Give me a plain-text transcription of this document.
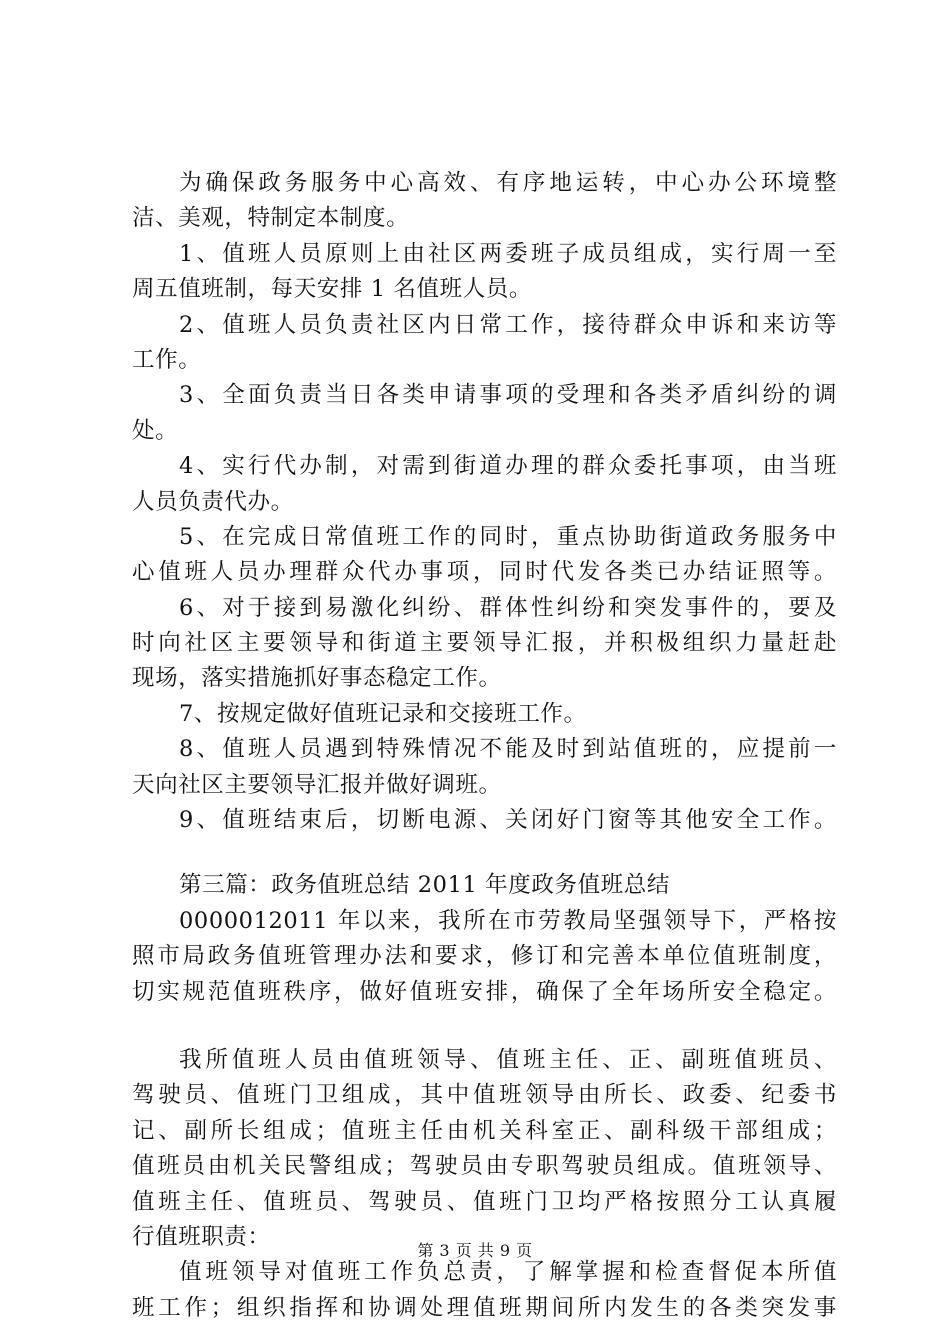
为确保政务服务中心高效、有序地运转，中心办公环境整
洁、美观，特制定本制度。
1、值班人员原则上由社区两委班子成员组成，实行周一至
周五值班制，每天安排 1 名值班人员。
2、值班人员负责社区内日常工作，接待群众申诉和来访等
工作。
3、全面负责当日各类申请事项的受理和各类矛盾纠纷的调
处。
4、实行代办制，对需到街道办理的群众委托事项，由当班
人员负责代办。
5、在完成日常值班工作的同时，重点协助街道政务服务中
心值班人员办理群众代办事项，同时代发各类已办结证照等。
6、对于接到易激化纠纷、群体性纠纷和突发事件的，要及
时向社区主要领导和街道主要领导汇报，并积极组织力量赶赴
现场，落实措施抓好事态稳定工作。
7、按规定做好值班记录和交接班工作。
8、值班人员遇到特殊情况不能及时到站值班的，应提前一
天向社区主要领导汇报并做好调班。
9、值班结束后，切断电源、关闭好门窗等其他安全工作。
第三篇：政务值班总结 2011 年度政务值班总结
0000012011 年以来，我所在市劳教局坚强领导下，严格按
照市局政务值班管理办法和要求，修订和完善本单位值班制度，
切实规范值班秩序，做好值班安排，确保了全年场所安全稳定。
我所值班人员由值班领导、值班主任、正、副班值班员、
驾驶员、值班门卫组成，其中值班领导由所长、政委、纪委书
记、副所长组成；值班主任由机关科室正、副科级干部组成；
值班员由机关民警组成；驾驶员由专职驾驶员组成。值班领导、
值班主任、值班员、驾驶员、值班门卫均严格按照分工认真履
行值班职责：
值班领导对值班工作负总责，了解掌握和检查督促本所值
班工作；组织指挥和协调处理值班期间所内发生的各类突发事
第 3 页 共 9 页
